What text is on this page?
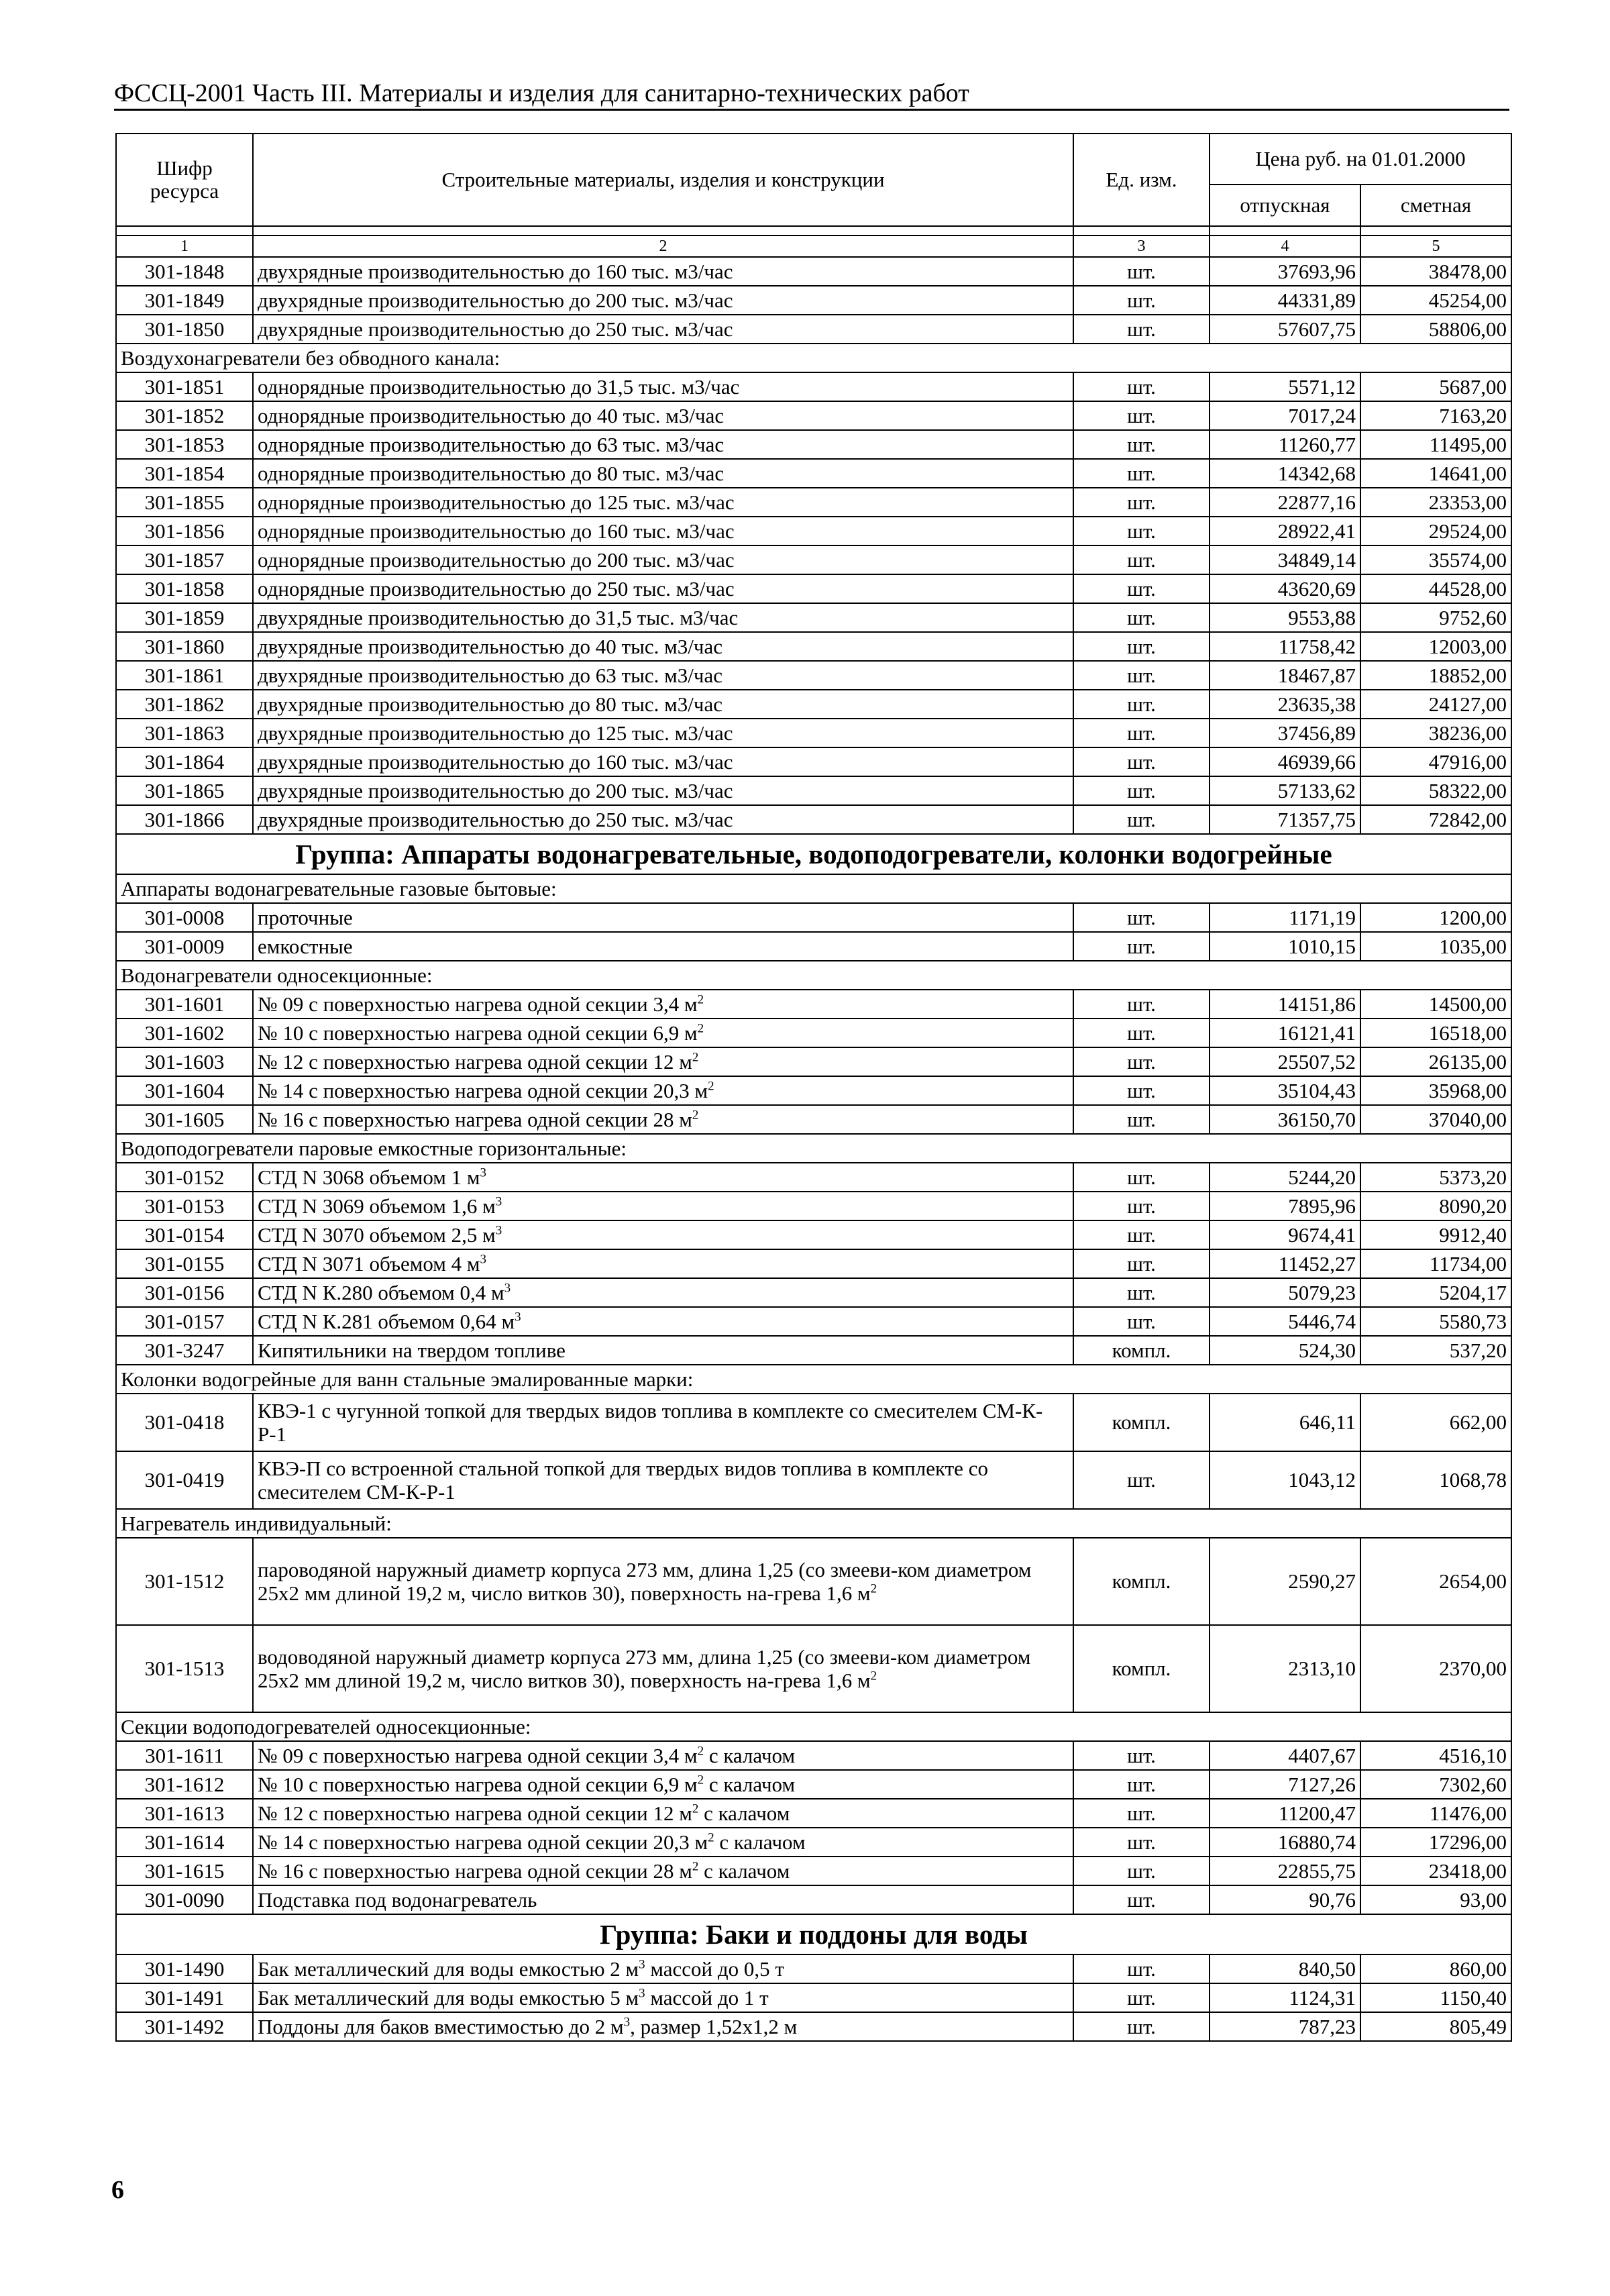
ФССЦ-2001 Часть III. Материалы и изделия для санитарно-технических работ
Шифр ресурса	Строительные материалы, изделия и конструкции	Ед. изм.	Цена руб. на 01.01.2000	
			отпускная	сметная

1	2	3	4	5
301-1848	двухрядные производительностью до 160 тыс. м3/час	шт.	37693,96	38478,00
301-1849	двухрядные производительностью до 200 тыс. м3/час	шт.	44331,89	45254,00
301-1850	двухрядные производительностью до 250 тыс. м3/час	шт.	57607,75	58806,00
Воздухонагреватели без обводного канала:				
301-1851	однорядные производительностью до 31,5 тыс. м3/час	шт.	5571,12	5687,00
301-1852	однорядные производительностью до 40 тыс. м3/час	шт.	7017,24	7163,20
301-1853	однорядные производительностью до 63 тыс. м3/час	шт.	11260,77	11495,00
301-1854	однорядные производительностью до 80 тыс. м3/час	шт.	14342,68	14641,00
301-1855	однорядные производительностью до 125 тыс. м3/час	шт.	22877,16	23353,00
301-1856	однорядные производительностью до 160 тыс. м3/час	шт.	28922,41	29524,00
301-1857	однорядные производительностью до 200 тыс. м3/час	шт.	34849,14	35574,00
301-1858	однорядные производительностью до 250 тыс. м3/час	шт.	43620,69	44528,00
301-1859	двухрядные производительностью до 31,5 тыс. м3/час	шт.	9553,88	9752,60
301-1860	двухрядные производительностью до 40 тыс. м3/час	шт.	11758,42	12003,00
301-1861	двухрядные производительностью до 63 тыс. м3/час	шт.	18467,87	18852,00
301-1862	двухрядные производительностью до 80 тыс. м3/час	шт.	23635,38	24127,00
301-1863	двухрядные производительностью до 125 тыс. м3/час	шт.	37456,89	38236,00
301-1864	двухрядные производительностью до 160 тыс. м3/час	шт.	46939,66	47916,00
301-1865	двухрядные производительностью до 200 тыс. м3/час	шт.	57133,62	58322,00
301-1866	двухрядные производительностью до 250 тыс. м3/час	шт.	71357,75	72842,00
Группа: Аппараты водонагревательные, водоподогреватели, колонки водогрейные				
Аппараты водонагревательные газовые бытовые:				
301-0008	проточные	шт.	1171,19	1200,00
301-0009	емкостные	шт.	1010,15	1035,00
Водонагреватели односекционные:				
301-1601	№ 09 с поверхностью нагрева одной секции 3,4 $м^2$	шт.	14151,86	14500,00
301-1602	№ 10 с поверхностью нагрева одной секции 6,9 $м^2$	шт.	16121,41	16518,00
301-1603	№ 12 с поверхностью нагрева одной секции 12 $м^2$	шт.	25507,52	26135,00
301-1604	№ 14 с поверхностью нагрева одной секции 20,3 $м^2$	шт.	35104,43	35968,00
301-1605	№ 16 с поверхностью нагрева одной секции 28 $м^2$	шт.	36150,70	37040,00
Водоподогреватели паровые емкостные горизонтальные:				
301-0152	СТД N 3068 объемом 1 $м^3$	шт.	5244,20	5373,20
301-0153	СТД N 3069 объемом 1,6 $м^3$	шт.	7895,96	8090,20
301-0154	СТД N 3070 объемом 2,5 $м^3$	шт.	9674,41	9912,40
301-0155	СТД N 3071 объемом 4 $м^3$	шт.	11452,27	11734,00
301-0156	СТД N К.280 объемом 0,4 $м^3$	шт.	5079,23	5204,17
301-0157	СТД N К.281 объемом 0,64 $м^3$	шт.	5446,74	5580,73
301-3247	Кипятильники на твердом топливе	компл.	524,30	537,20
Колонки водогрейные для ванн стальные эмалированные марки:				
301-0418	КВЭ-1 с чугунной топкой для твердых видов топлива в комплекте со смесителем СМ-К-Р-1	компл.	646,11	662,00
301-0419	КВЭ-П со встроенной стальной топкой для твердых видов топлива в комплекте со смесителем СМ-К-Р-1	шт.	1043,12	1068,78
Нагреватель индивидуальный:				
301-1512	пароводяной наружный диаметр корпуса 273 мм, длина 1,25 (со змееви-ком диаметром 25х2 мм длиной 19,2 м, число витков 30), поверхность на-грева 1,6 $м^2$	компл.	2590,27	2654,00
301-1513	водоводяной наружный диаметр корпуса 273 мм, длина 1,25 (со змееви-ком диаметром 25х2 мм длиной 19,2 м, число витков 30), поверхность на-грева 1,6 $м^2$	компл.	2313,10	2370,00
Секции водоподогревателей односекционные:				
301-1611	№ 09 с поверхностью нагрева одной секции 3,4 $м^2$ с калачом	шт.	4407,67	4516,10
301-1612	№ 10 с поверхностью нагрева одной секции 6,9 $м^2$ с калачом	шт.	7127,26	7302,60
301-1613	№ 12 с поверхностью нагрева одной секции 12 $м^2$ с калачом	шт.	11200,47	11476,00
301-1614	№ 14 с поверхностью нагрева одной секции 20,3 $м^2$ с калачом	шт.	16880,74	17296,00
301-1615	№ 16 с поверхностью нагрева одной секции 28 $м^2$ с калачом	шт.	22855,75	23418,00
301-0090	Подставка под водонагреватель	шт.	90,76	93,00
Группа: Баки и поддоны для воды				
301-1490	Бак металлический для воды емкостью 2 $м^3$ массой до 0,5 т	шт.	840,50	860,00
301-1491	Бак металлический для воды емкостью 5 $м^3$ массой до 1 т	шт.	1124,31	1150,40
301-1492	Поддоны для баков вместимостью до 2 $м^3$, размер 1,52х1,2 м	шт.	787,23	805,49
6
